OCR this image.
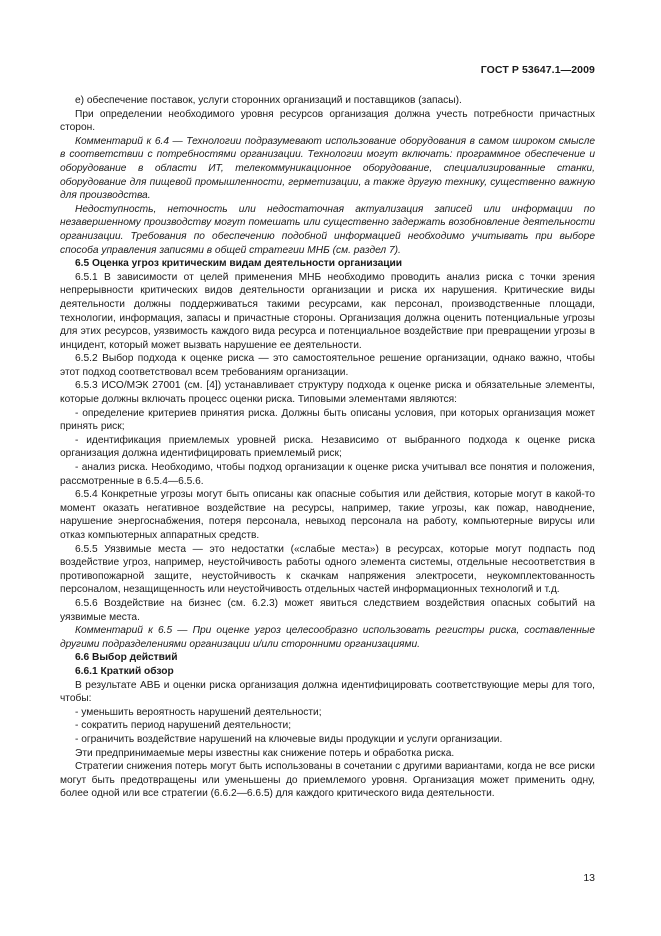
ГОСТ Р 53647.1—2009

е) обеспечение поставок, услуги сторонних организаций и поставщиков (запасы).

При определении необходимого уровня ресурсов организация должна учесть потребности причастных сторон.

Комментарий к 6.4 — Технологии подразумевают использование оборудования в самом широком смысле в соответствии с потребностями организации. Технологии могут включать: программное обеспечение и оборудование в области ИТ, телекоммуникационное оборудование, специализированные станки, оборудование для пищевой промышленности, герметизации, а также другую технику, существенно важную для производства.

Недоступность, неточность или недостаточная актуализация записей или информации по незавершенному производству могут помешать или существенно задержать возобновление деятельности организации. Требования по обеспечению подобной информацией необходимо учитывать при выборе способа управления записями в общей стратегии МНБ (см. раздел 7).

6.5 Оценка угроз критическим видам деятельности организации

6.5.1 В зависимости от целей применения МНБ необходимо проводить анализ риска с точки зрения непрерывности критических видов деятельности организации и риска их нарушения. Критические виды деятельности должны поддерживаться такими ресурсами, как персонал, производственные площади, технологии, информация, запасы и причастные стороны. Организация должна оценить потенциальные угрозы для этих ресурсов, уязвимость каждого вида ресурса и потенциальное воздействие при превращении угрозы в инцидент, который может вызвать нарушение ее деятельности.

6.5.2 Выбор подхода к оценке риска — это самостоятельное решение организации, однако важно, чтобы этот подход соответствовал всем требованиям организации.

6.5.3 ИСО/МЭК 27001 (см. [4]) устанавливает структуру подхода к оценке риска и обязательные элементы, которые должны включать процесс оценки риска. Типовыми элементами являются:

- определение критериев принятия риска. Должны быть описаны условия, при которых организация может принять риск;

- идентификация приемлемых уровней риска. Независимо от выбранного подхода к оценке риска организация должна идентифицировать приемлемый риск;

- анализ риска. Необходимо, чтобы подход организации к оценке риска учитывал все понятия и положения, рассмотренные в 6.5.4—6.5.6.

6.5.4 Конкретные угрозы могут быть описаны как опасные события или действия, которые могут в какой-то момент оказать негативное воздействие на ресурсы, например, такие угрозы, как пожар, наводнение, нарушение энергоснабжения, потеря персонала, невыход персонала на работу, компьютерные вирусы или отказ компьютерных аппаратных средств.

6.5.5 Уязвимые места — это недостатки («слабые места») в ресурсах, которые могут подпасть под воздействие угроз, например, неустойчивость работы одного элемента системы, отдельные несоответствия в противопожарной защите, неустойчивость к скачкам напряжения электросети, неукомплектованность персоналом, незащищенность или неустойчивость отдельных частей информационных технологий и т.д.

6.5.6 Воздействие на бизнес (см. 6.2.3) может явиться следствием воздействия опасных событий на уязвимые места.

Комментарий к 6.5 — При оценке угроз целесообразно использовать регистры риска, составленные другими подразделениями организации и/или сторонними организациями.

6.6 Выбор действий

6.6.1 Краткий обзор

В результате АВБ и оценки риска организация должна идентифицировать соответствующие меры для того, чтобы:

- уменьшить вероятность нарушений деятельности;

- сократить период нарушений деятельности;

- ограничить воздействие нарушений на ключевые виды продукции и услуги организации.

Эти предпринимаемые меры известны как снижение потерь и обработка риска.

Стратегии снижения потерь могут быть использованы в сочетании с другими вариантами, когда не все риски могут быть предотвращены или уменьшены до приемлемого уровня. Организация может применить одну, более одной или все стратегии (6.6.2—6.6.5) для каждого критического вида деятельности.

13
